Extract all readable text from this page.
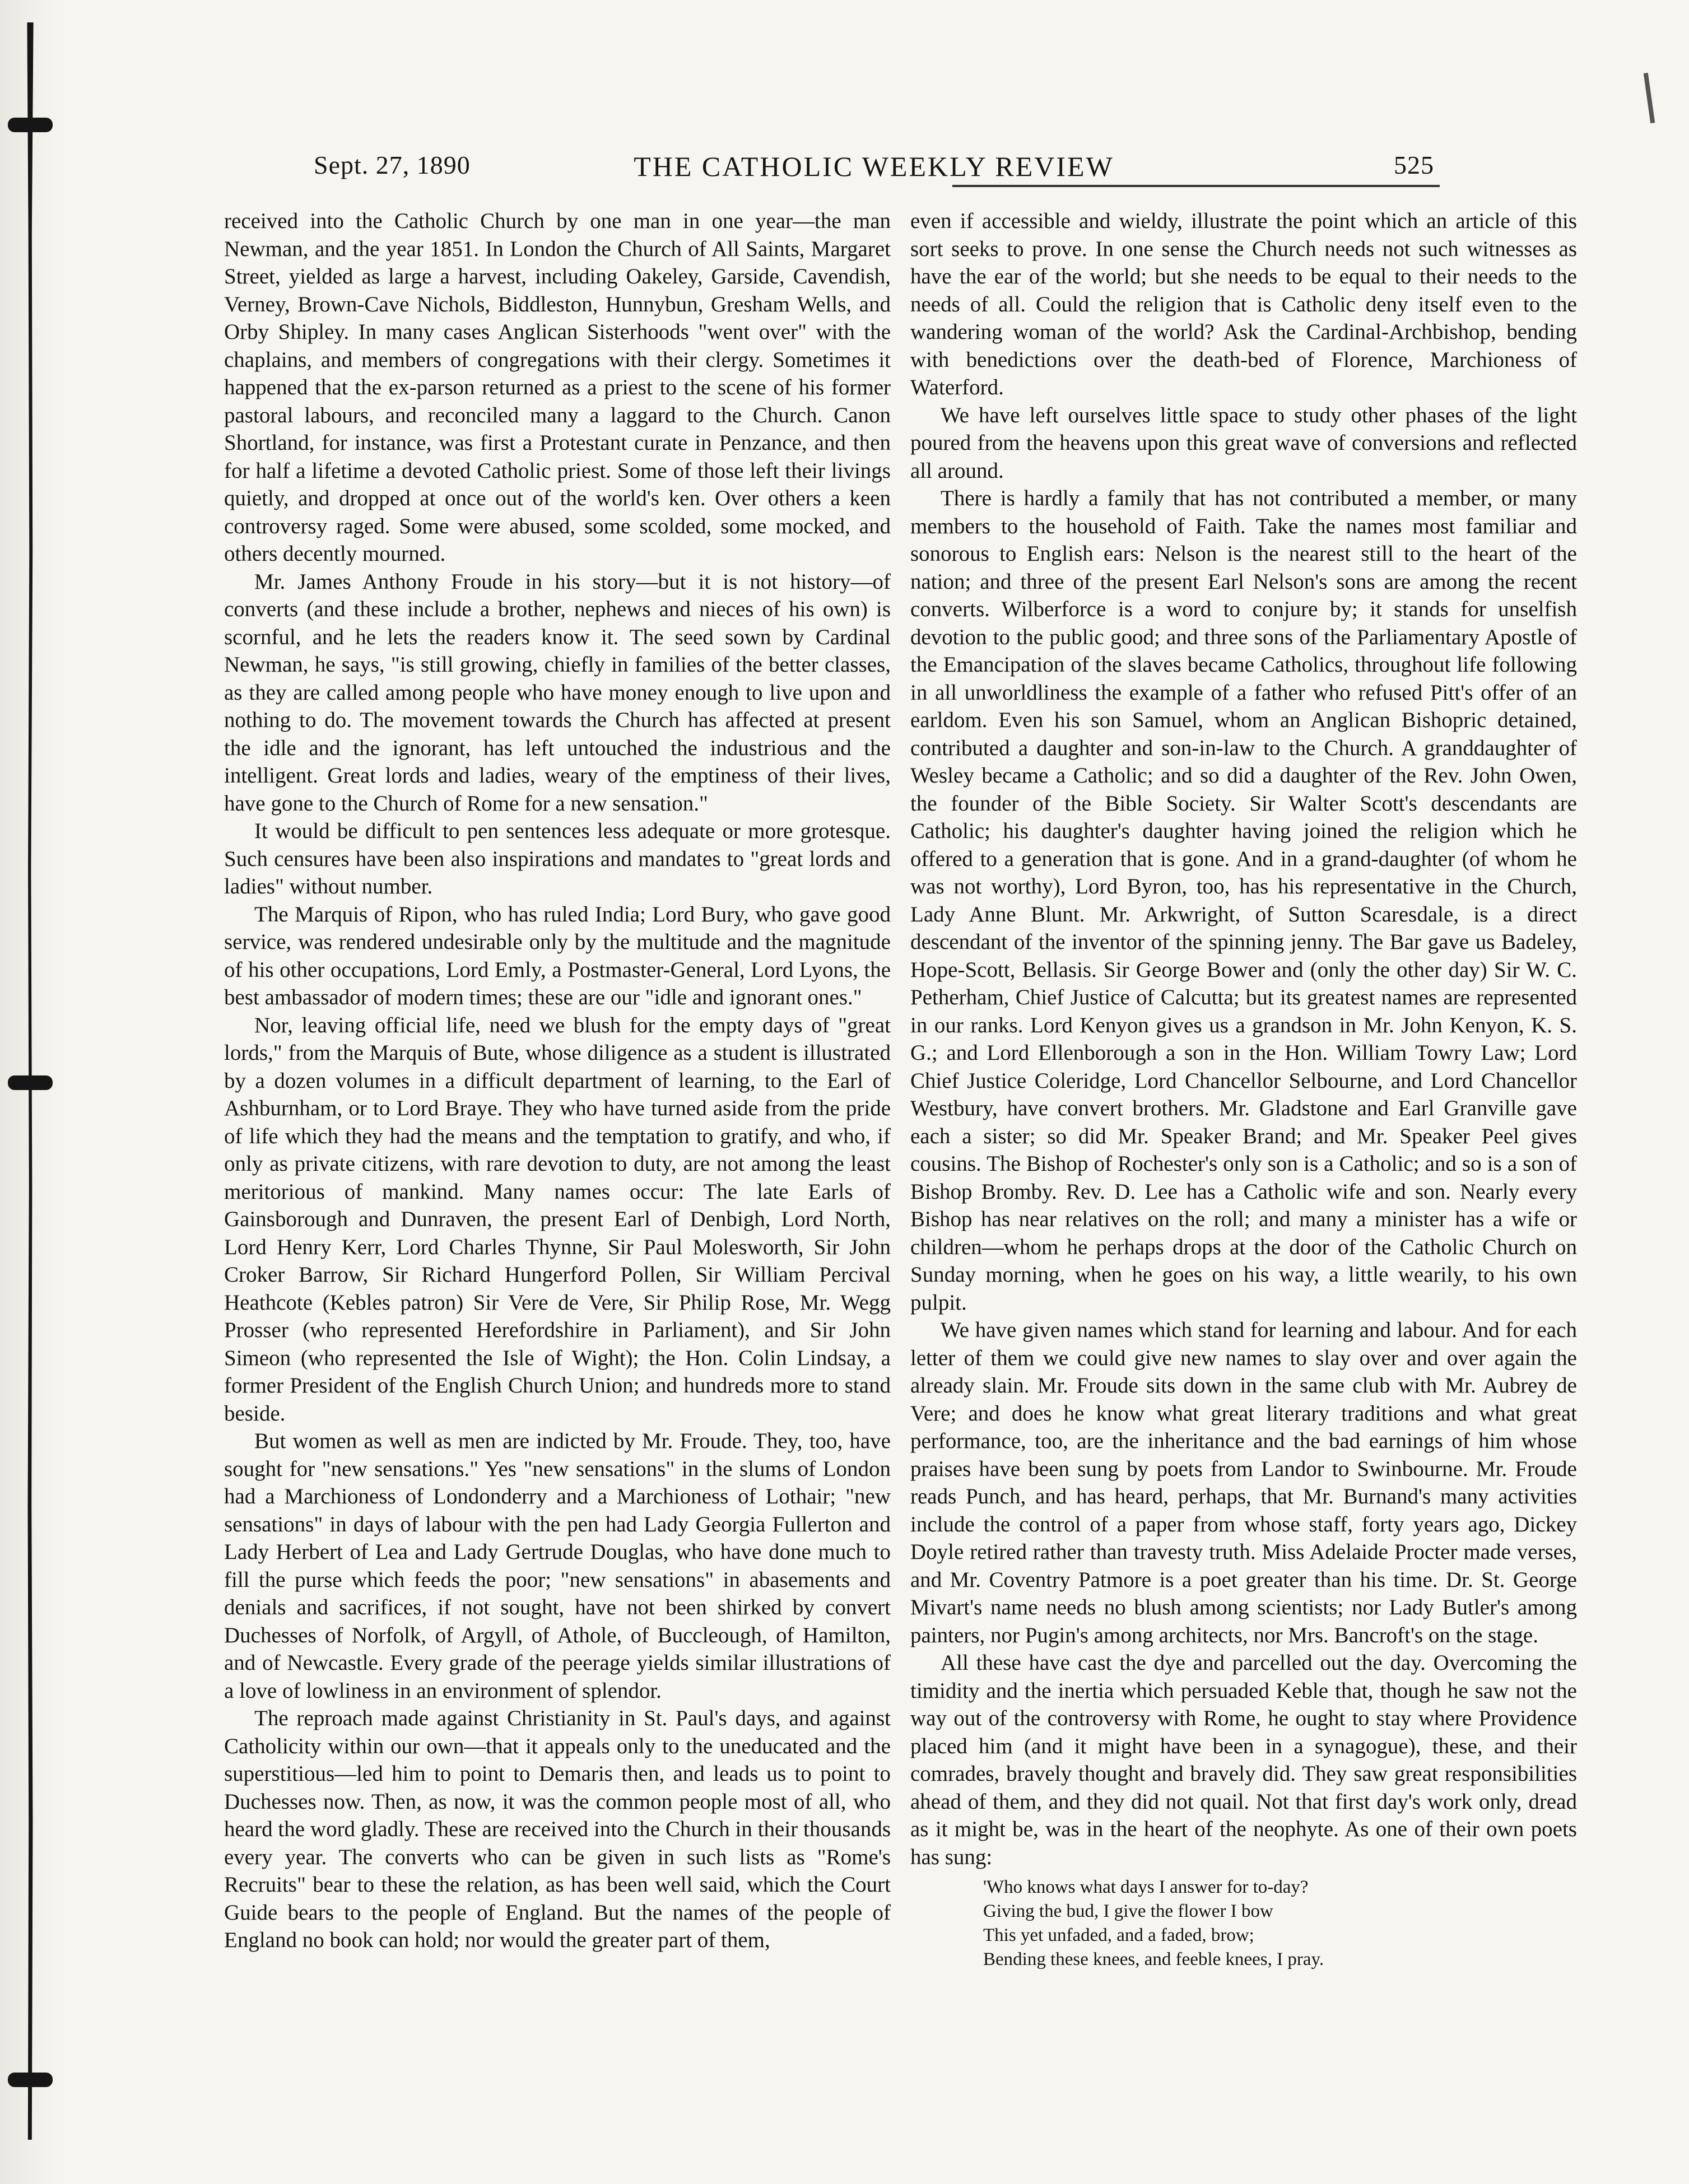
Sept. 27, 1890	THE CATHOLIC WEEKLY REVIEW	525

received into the Catholic Church by one man in one year—the man Newman, and the year 1851. In London the Church of All Saints, Margaret Street, yielded as large a harvest, including Oakeley, Garside, Cavendish, Verney, Brown-Cave Nichols, Biddleston, Hunnybun, Gresham Wells, and Orby Shipley. In many cases Anglican Sisterhoods "went over" with the chaplains, and members of congregations with their clergy. Sometimes it happened that the ex-parson returned as a priest to the scene of his former pastoral labours, and reconciled many a laggard to the Church. Canon Shortland, for instance, was first a Protestant curate in Penzance, and then for half a lifetime a devoted Catholic priest. Some of those left their livings quietly, and dropped at once out of the world's ken. Over others a keen controversy raged. Some were abused, some scolded, some mocked, and others decently mourned.

Mr. James Anthony Froude in his story—but it is not history—of converts (and these include a brother, nephews and nieces of his own) is scornful, and he lets the readers know it. The seed sown by Cardinal Newman, he says, "is still growing, chiefly in families of the better classes, as they are called among people who have money enough to live upon and nothing to do. The movement towards the Church has affected at present the idle and the ignorant, has left untouched the industrious and the intelligent. Great lords and ladies, weary of the emptiness of their lives, have gone to the Church of Rome for a new sensation."

It would be difficult to pen sentences less adequate or more grotesque. Such censures have been also inspirations and mandates to "great lords and ladies" without number.

The Marquis of Ripon, who has ruled India; Lord Bury, who gave good service, was rendered undesirable only by the multitude and the magnitude of his other occupations, Lord Emly, a Postmaster-General, Lord Lyons, the best ambassador of modern times; these are our "idle and ignorant ones."

Nor, leaving official life, need we blush for the empty days of "great lords," from the Marquis of Bute, whose diligence as a student is illustrated by a dozen volumes in a difficult department of learning, to the Earl of Ashburnham, or to Lord Braye. They who have turned aside from the pride of life which they had the means and the temptation to gratify, and who, if only as private citizens, with rare devotion to duty, are not among the least meritorious of mankind. Many names occur: The late Earls of Gainsborough and Dunraven, the present Earl of Denbigh, Lord North, Lord Henry Kerr, Lord Charles Thynne, Sir Paul Molesworth, Sir John Croker Barrow, Sir Richard Hungerford Pollen, Sir William Percival Heathcote (Kebles patron) Sir Vere de Vere, Sir Philip Rose, Mr. Wegg Prosser (who represented Herefordshire in Parliament), and Sir John Simeon (who represented the Isle of Wight); the Hon. Colin Lindsay, a former President of the English Church Union; and hundreds more to stand beside.

But women as well as men are indicted by Mr. Froude. They, too, have sought for "new sensations." Yes "new sensations" in the slums of London had a Marchioness of Londonderry and a Marchioness of Lothair; "new sensations" in days of labour with the pen had Lady Georgia Fullerton and Lady Herbert of Lea and Lady Gertrude Douglas, who have done much to fill the purse which feeds the poor; "new sensations" in abasements and denials and sacrifices, if not sought, have not been shirked by convert Duchesses of Norfolk, of Argyll, of Athole, of Buccleough, of Hamilton, and of Newcastle. Every grade of the peerage yields similar illustrations of a love of lowliness in an environment of splendor.

The reproach made against Christianity in St. Paul's days, and against Catholicity within our own—that it appeals only to the uneducated and the superstitious—led him to point to Demaris then, and leads us to point to Duchesses now. Then, as now, it was the common people most of all, who heard the word gladly. These are received into the Church in their thousands every year. The converts who can be given in such lists as "Rome's Recruits" bear to these the relation, as has been well said, which the Court Guide bears to the people of England. But the names of the people of England no book can hold; nor would the greater part of them,

even if accessible and wieldy, illustrate the point which an article of this sort seeks to prove. In one sense the Church needs not such witnesses as have the ear of the world; but she needs to be equal to their needs to the needs of all. Could the religion that is Catholic deny itself even to the wandering woman of the world? Ask the Cardinal-Archbishop, bending with benedictions over the death-bed of Florence, Marchioness of Waterford.

We have left ourselves little space to study other phases of the light poured from the heavens upon this great wave of conversions and reflected all around.

There is hardly a family that has not contributed a member, or many members to the household of Faith. Take the names most familiar and sonorous to English ears: Nelson is the nearest still to the heart of the nation; and three of the present Earl Nelson's sons are among the recent converts. Wilberforce is a word to conjure by; it stands for unselfish devotion to the public good; and three sons of the Parliamentary Apostle of the Emancipation of the slaves became Catholics, throughout life following in all unworldliness the example of a father who refused Pitt's offer of an earldom. Even his son Samuel, whom an Anglican Bishopric detained, contributed a daughter and son-in-law to the Church. A granddaughter of Wesley became a Catholic; and so did a daughter of the Rev. John Owen, the founder of the Bible Society. Sir Walter Scott's descendants are Catholic; his daughter's daughter having joined the religion which he offered to a generation that is gone. And in a grand-daughter (of whom he was not worthy), Lord Byron, too, has his representative in the Church, Lady Anne Blunt. Mr. Arkwright, of Sutton Scaresdale, is a direct descendant of the inventor of the spinning jenny. The Bar gave us Badeley, Hope-Scott, Bellasis. Sir George Bower and (only the other day) Sir W. C. Petherham, Chief Justice of Calcutta; but its greatest names are represented in our ranks. Lord Kenyon gives us a grandson in Mr. John Kenyon, K. S. G.; and Lord Ellenborough a son in the Hon. William Towry Law; Lord Chief Justice Coleridge, Lord Chancellor Selbourne, and Lord Chancellor Westbury, have convert brothers. Mr. Gladstone and Earl Granville gave each a sister; so did Mr. Speaker Brand; and Mr. Speaker Peel gives cousins. The Bishop of Rochester's only son is a Catholic; and so is a son of Bishop Bromby. Rev. D. Lee has a Catholic wife and son. Nearly every Bishop has near relatives on the roll; and many a minister has a wife or children—whom he perhaps drops at the door of the Catholic Church on Sunday morning, when he goes on his way, a little wearily, to his own pulpit.

We have given names which stand for learning and labour. And for each letter of them we could give new names to slay over and over again the already slain. Mr. Froude sits down in the same club with Mr. Aubrey de Vere; and does he know what great literary traditions and what great performance, too, are the inheritance and the bad earnings of him whose praises have been sung by poets from Landor to Swinbourne. Mr. Froude reads Punch, and has heard, perhaps, that Mr. Burnand's many activities include the control of a paper from whose staff, forty years ago, Dickey Doyle retired rather than travesty truth. Miss Adelaide Procter made verses, and Mr. Coventry Patmore is a poet greater than his time. Dr. St. George Mivart's name needs no blush among scientists; nor Lady Butler's among painters, nor Pugin's among architects, nor Mrs. Bancroft's on the stage.

All these have cast the dye and parcelled out the day. Overcoming the timidity and the inertia which persuaded Keble that, though he saw not the way out of the controversy with Rome, he ought to stay where Providence placed him (and it might have been in a synagogue), these, and their comrades, bravely thought and bravely did. They saw great responsibilities ahead of them, and they did not quail. Not that first day's work only, dread as it might be, was in the heart of the neophyte. As one of their own poets has sung:

'Who knows what days I answer for to-day?
Giving the bud, I give the flower I bow
This yet unfaded, and a faded, brow;
Bending these knees, and feeble knees, I pray.
